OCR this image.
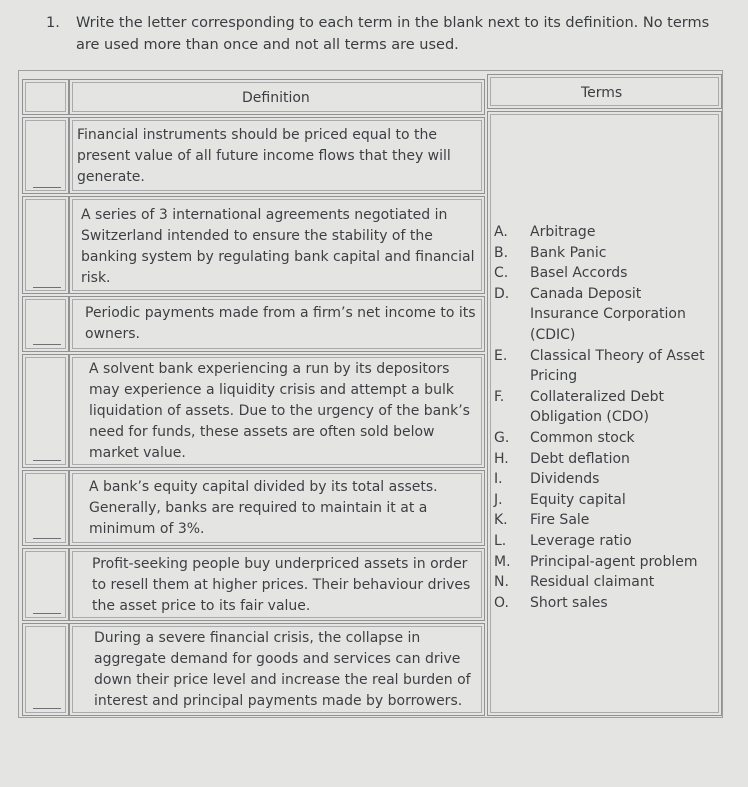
1. Write the letter corresponding to each term in the blank next to its definition. No terms are used more than once and not all terms are used.
Definition	Terms
Financial instruments should be priced equal to the present value of all future income flows that they will generate.
A series of 3 international agreements negotiated in Switzerland intended to ensure the stability of the banking system by regulating bank capital and financial risk.
Periodic payments made from a firm’s net income to its owners.
A solvent bank experiencing a run by its depositors may experience a liquidity crisis and attempt a bulk liquidation of assets. Due to the urgency of the bank’s need for funds, these assets are often sold below market value.
A bank’s equity capital divided by its total assets. Generally, banks are required to maintain it at a minimum of 3%.
Profit-seeking people buy underpriced assets in order to resell them at higher prices. Their behaviour drives the asset price to its fair value.
During a severe financial crisis, the collapse in aggregate demand for goods and services can drive down their price level and increase the real burden of interest and principal payments made by borrowers.
A.	Arbitrage
B.	Bank Panic
C.	Basel Accords
D.	Canada Deposit Insurance Corporation (CDIC)
E.	Classical Theory of Asset Pricing
F.	Collateralized Debt Obligation (CDO)
G.	Common stock
H.	Debt deflation
I.	Dividends
J.	Equity capital
K.	Fire Sale
L.	Leverage ratio
M.	Principal-agent problem
N.	Residual claimant
O.	Short sales
